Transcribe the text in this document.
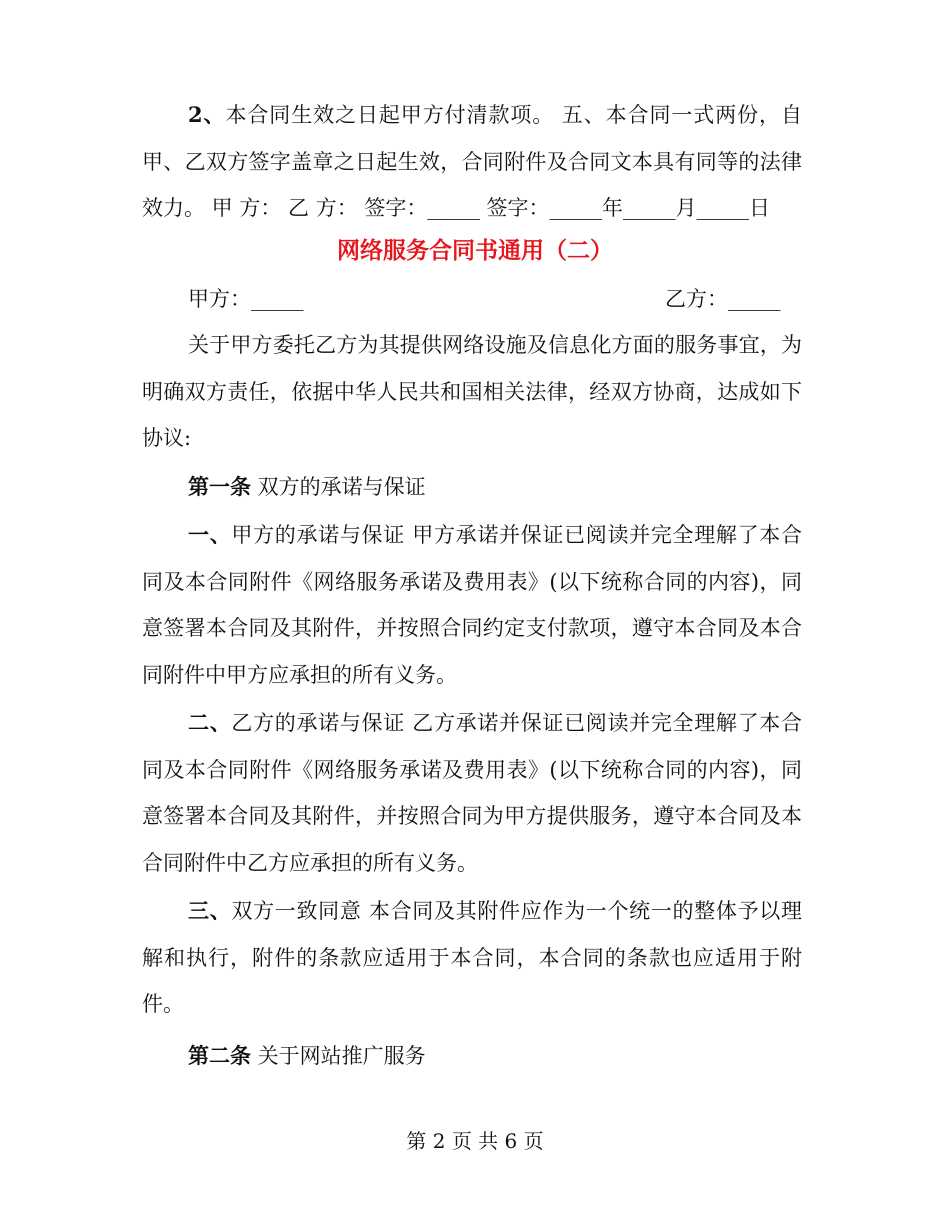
2、本合同生效之日起甲方付清款项。 五、本合同一式两份，自甲、乙双方签字盖章之日起生效，合同附件及合同文本具有同等的法律效力。 甲 方： 乙 方： 签字：_____ 签字：_____年_____月_____日

网络服务合同书通用（二）

甲方：_____	乙方：_____

关于甲方委托乙方为其提供网络设施及信息化方面的服务事宜，为明确双方责任，依据中华人民共和国相关法律，经双方协商，达成如下协议:

第一条 双方的承诺与保证

一、甲方的承诺与保证 甲方承诺并保证已阅读并完全理解了本合同及本合同附件《网络服务承诺及费用表》(以下统称合同的内容)，同意签署本合同及其附件，并按照合同约定支付款项，遵守本合同及本合同附件中甲方应承担的所有义务。

二、乙方的承诺与保证 乙方承诺并保证已阅读并完全理解了本合同及本合同附件《网络服务承诺及费用表》(以下统称合同的内容)，同意签署本合同及其附件，并按照合同为甲方提供服务，遵守本合同及本合同附件中乙方应承担的所有义务。

三、双方一致同意 本合同及其附件应作为一个统一的整体予以理解和执行，附件的条款应适用于本合同，本合同的条款也应适用于附件。

第二条 关于网站推广服务

第 2 页 共 6 页
